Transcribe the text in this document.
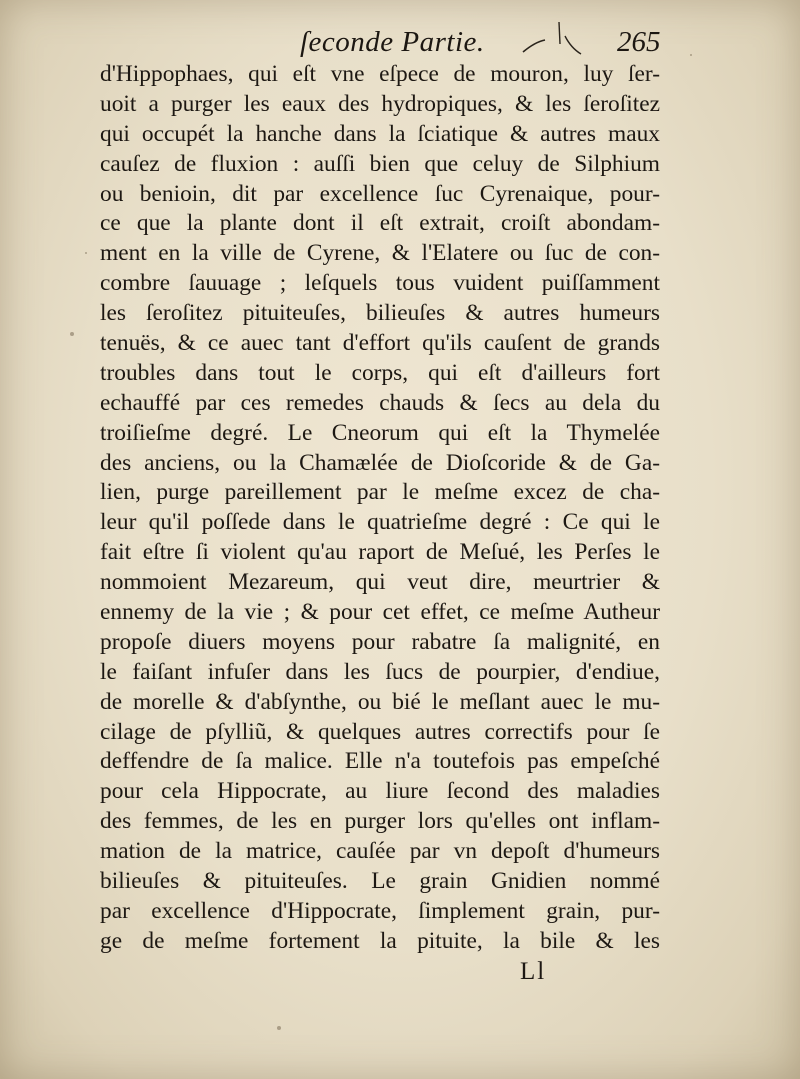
ſeconde Partie.	265
d'Hippophaes, qui eſt vne eſpece de mouron, luy ſer-
uoit a purger les eaux des hydropiques, & les ſeroſitez
qui occupét la hanche dans la ſciatique & autres maux
cauſez de fluxion : auſſi bien que celuy de Silphium
ou benioin, dit par excellence ſuc Cyrenaique, pour-
ce que la plante dont il eſt extrait, croiſt abondam-
ment en la ville de Cyrene, & l'Elatere ou ſuc de con-
combre ſauuage ; leſquels tous vuident puiſſamment
les ſeroſitez pituiteuſes, bilieuſes & autres humeurs
tenuës, & ce auec tant d'effort qu'ils cauſent de grands
troubles dans tout le corps, qui eſt d'ailleurs fort
echauffé par ces remedes chauds & ſecs au dela du
troiſieſme degré. Le Cneorum qui eſt la Thymelée
des anciens, ou la Chamælée de Dioſcoride & de Ga-
lien, purge pareillement par le meſme excez de cha-
leur qu'il poſſede dans le quatrieſme degré : Ce qui le
fait eſtre ſi violent qu'au raport de Meſué, les Perſes le
nommoient Mezareum, qui veut dire, meurtrier &
ennemy de la vie ; & pour cet effet, ce meſme Autheur
propoſe diuers moyens pour rabatre ſa malignité, en
le faiſant infuſer dans les ſucs de pourpier, d'endiue,
de morelle & d'abſynthe, ou bié le meſlant auec le mu-
cilage de pſylliũ, & quelques autres correctifs pour ſe
deffendre de ſa malice. Elle n'a toutefois pas empeſché
pour cela Hippocrate, au liure ſecond des maladies
des femmes, de les en purger lors qu'elles ont inflam-
mation de la matrice, cauſée par vn depoſt d'humeurs
bilieuſes & pituiteuſes. Le grain Gnidien nommé
par excellence d'Hippocrate, ſimplement grain, pur-
ge de meſme fortement la pituite, la bile & les
Ll
